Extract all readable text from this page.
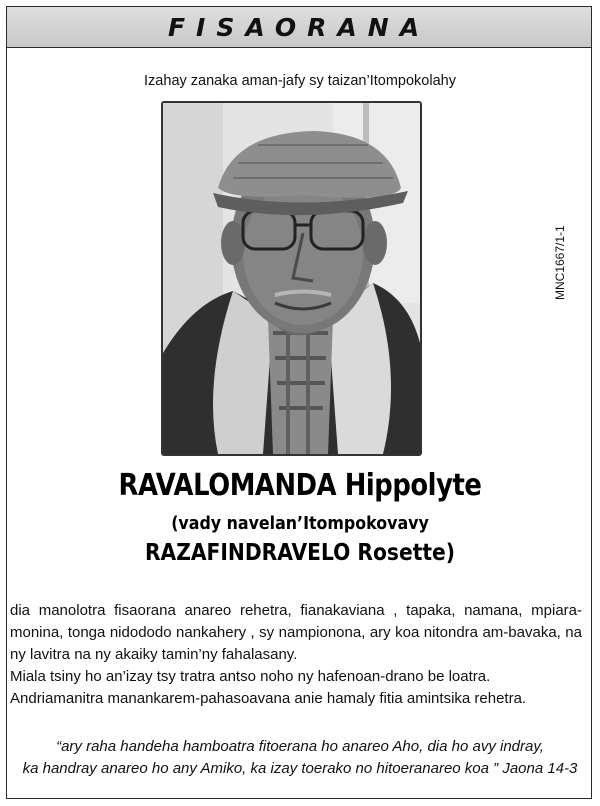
FISAORANA
Izahay zanaka aman-jafy sy taizan’Itompokolahy
MNC1667/1-1
RAVALOMANDA Hippolyte
(vady navelan’Itompokovavy
RAZAFINDRAVELO Rosette)

dia manolotra fisaorana anareo rehetra, fianakaviana , tapaka, namana, mpiara-monina, tonga nidododo nankahery , sy nampionona, ary koa nitondra am-bavaka, na ny lavitra na ny akaiky tamin’ny fahalasany.

Miala tsiny ho an’izay tsy tratra antso noho ny hafenoan-drano be loatra.

Andriamanitra manankarem-pahasoavana anie hamaly fitia amintsika rehetra.

“ary raha handeha hamboatra fitoerana ho anareo Aho, dia ho avy indray,
ka handray anareo ho any Amiko, ka izay toerako no hitoeranareo koa ” Jaona 14-3
